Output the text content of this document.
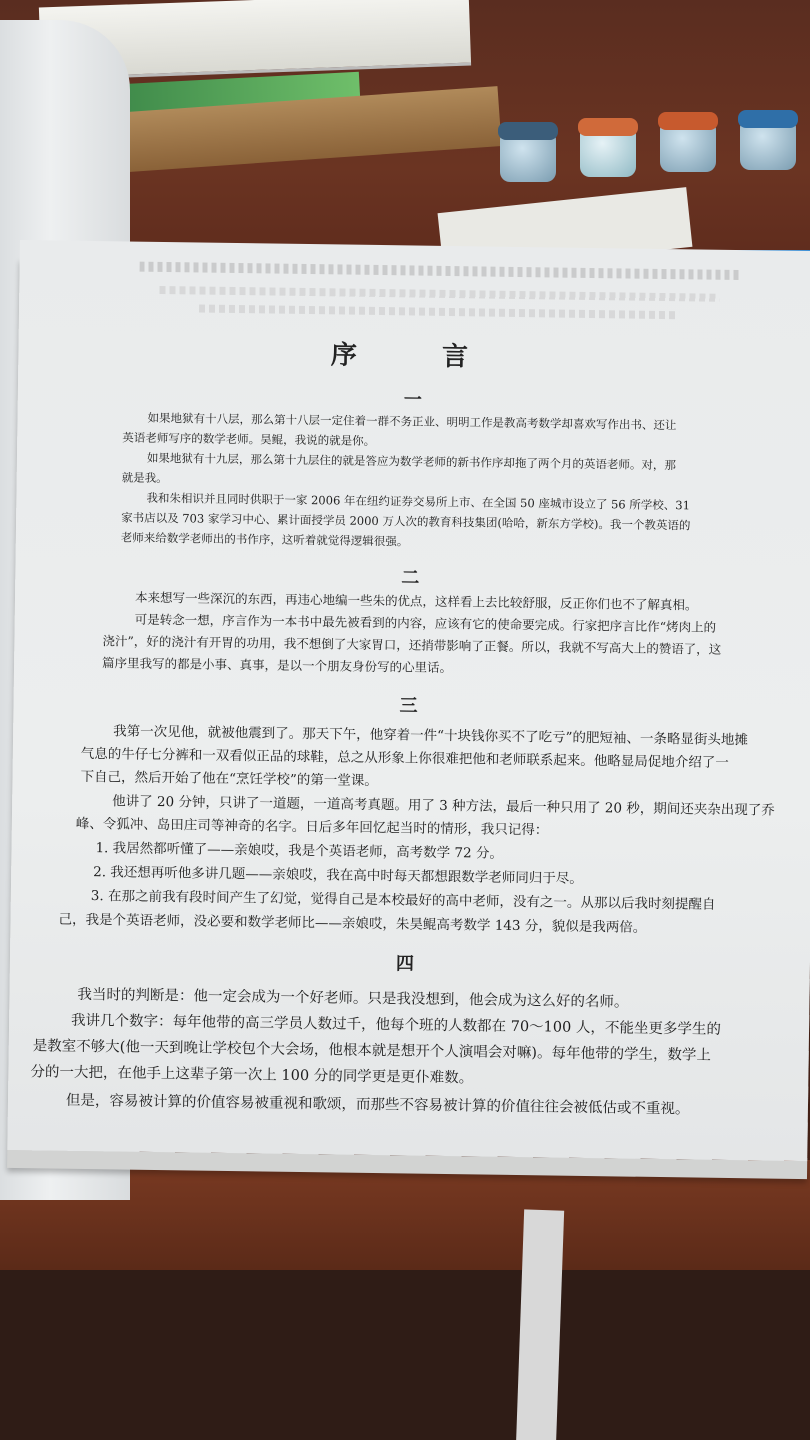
序 言
一
如果地狱有十八层，那么第十八层一定住着一群不务正业、明明工作是教高考数学却喜欢写作出书、还让
英语老师写序的数学老师。昊鲲，我说的就是你。
如果地狱有十九层，那么第十九层住的就是答应为数学老师的新书作序却拖了两个月的英语老师。对，那
就是我。
我和朱相识并且同时供职于一家 2006 年在纽约证券交易所上市、在全国 50 座城市设立了 56 所学校、31
家书店以及 703 家学习中心、累计面授学员 2000 万人次的教育科技集团(哈哈，新东方学校)。我一个教英语的
老师来给数学老师出的书作序，这听着就觉得逻辑很强。
二
本来想写一些深沉的东西，再违心地编一些朱的优点，这样看上去比较舒服，反正你们也不了解真相。
可是转念一想，序言作为一本书中最先被看到的内容，应该有它的使命要完成。行家把序言比作“烤肉上的
浇汁”，好的浇汁有开胃的功用，我不想倒了大家胃口，还捎带影响了正餐。所以，我就不写高大上的赞语了，这
篇序里我写的都是小事、真事，是以一个朋友身份写的心里话。
三
我第一次见他，就被他震到了。那天下午，他穿着一件“十块钱你买不了吃亏”的肥短袖、一条略显街头地摊
气息的牛仔七分裤和一双看似正品的球鞋，总之从形象上你很难把他和老师联系起来。他略显局促地介绍了一
下自己，然后开始了他在“烹饪学校”的第一堂课。
他讲了 20 分钟，只讲了一道题，一道高考真题。用了 3 种方法，最后一种只用了 20 秒，期间还夹杂出现了乔
峰、令狐冲、岛田庄司等神奇的名字。日后多年回忆起当时的情形，我只记得：
1. 我居然都听懂了——亲娘哎，我是个英语老师，高考数学 72 分。
2. 我还想再听他多讲几题——亲娘哎，我在高中时每天都想跟数学老师同归于尽。
3. 在那之前我有段时间产生了幻觉，觉得自己是本校最好的高中老师，没有之一。从那以后我时刻提醒自
己，我是个英语老师，没必要和数学老师比——亲娘哎，朱昊鲲高考数学 143 分，貌似是我两倍。
四
我当时的判断是：他一定会成为一个好老师。只是我没想到，他会成为这么好的名师。
我讲几个数字：每年他带的高三学员人数过千，他每个班的人数都在 70～100 人，不能坐更多学生的
是教室不够大(他一天到晚让学校包个大会场，他根本就是想开个人演唱会对嘛)。每年他带的学生，数学上
分的一大把，在他手上这辈子第一次上 100 分的同学更是更仆难数。
但是，容易被计算的价值容易被重视和歌颂，而那些不容易被计算的价值往往会被低估或不重视。
